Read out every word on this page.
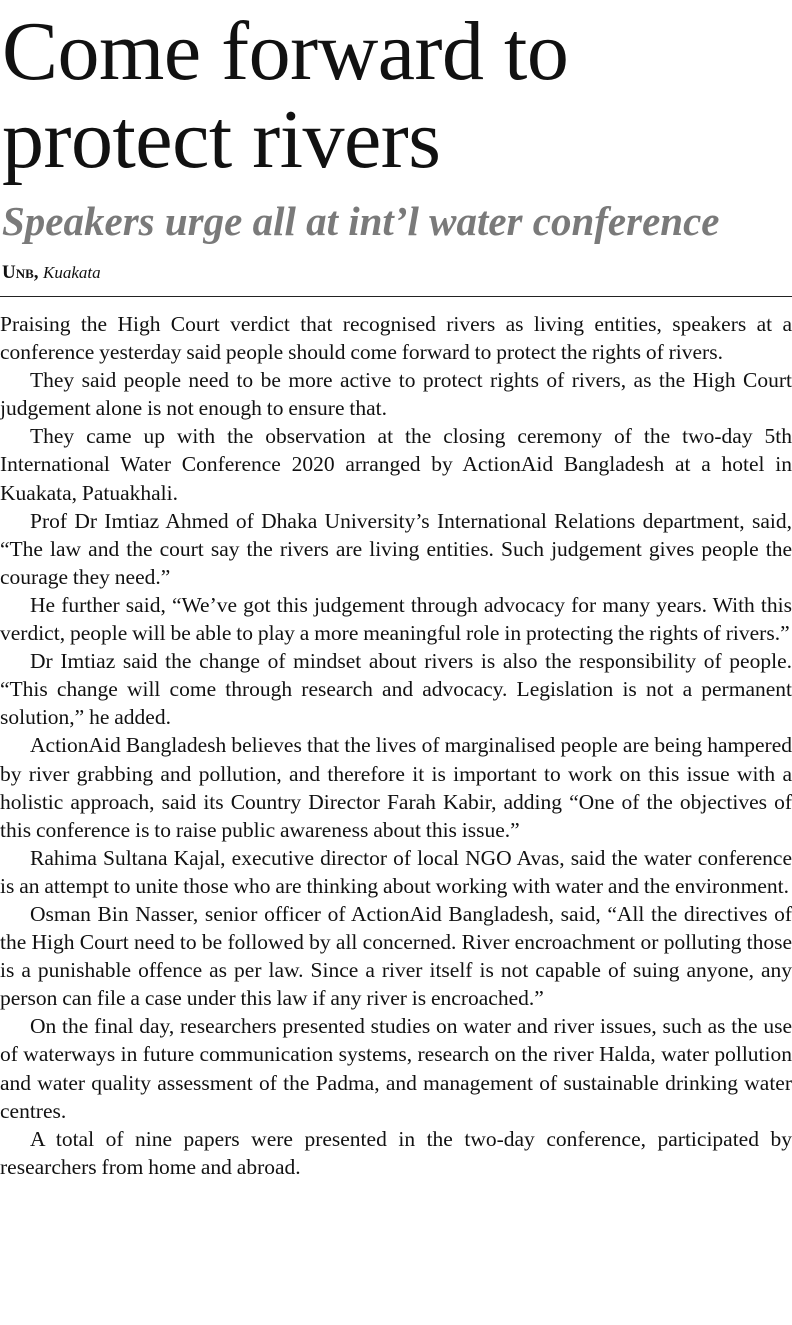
Come forward to protect rivers
Speakers urge all at int’l water conference
Unb, Kuakata

Praising the High Court verdict that recognised rivers as living entities, speakers at a conference yesterday said people should come forward to protect the rights of rivers.

They said people need to be more active to protect rights of rivers, as the High Court judgement alone is not enough to ensure that.

They came up with the observation at the closing ceremony of the two-day 5th International Water Conference 2020 arranged by ActionAid Bangladesh at a hotel in Kuakata, Patuakhali.

Prof Dr Imtiaz Ahmed of Dhaka University’s International Relations department, said, “The law and the court say the rivers are living entities. Such judgement gives people the courage they need.”

He further said, “We’ve got this judgement through advocacy for many years. With this verdict, people will be able to play a more meaningful role in protecting the rights of rivers.”

Dr Imtiaz said the change of mindset about rivers is also the responsibility of people. “This change will come through research and advocacy. Legislation is not a permanent solution,” he added.

ActionAid Bangladesh believes that the lives of marginalised people are being hampered by river grabbing and pollution, and therefore it is important to work on this issue with a holistic approach, said its Country Director Farah Kabir, adding “One of the objectives of this conference is to raise public awareness about this issue.”

Rahima Sultana Kajal, executive director of local NGO Avas, said the water conference is an attempt to unite those who are thinking about working with water and the environment.

Osman Bin Nasser, senior officer of ActionAid Bangladesh, said, “All the directives of the High Court need to be followed by all concerned. River encroachment or polluting those is a punishable offence as per law. Since a river itself is not capable of suing anyone, any person can file a case under this law if any river is encroached.”

On the final day, researchers presented studies on water and river issues, such as the use of waterways in future communication systems, research on the river Halda, water pollution and water quality assessment of the Padma, and management of sustainable drinking water centres.

A total of nine papers were presented in the two-day conference, participated by researchers from home and abroad.
